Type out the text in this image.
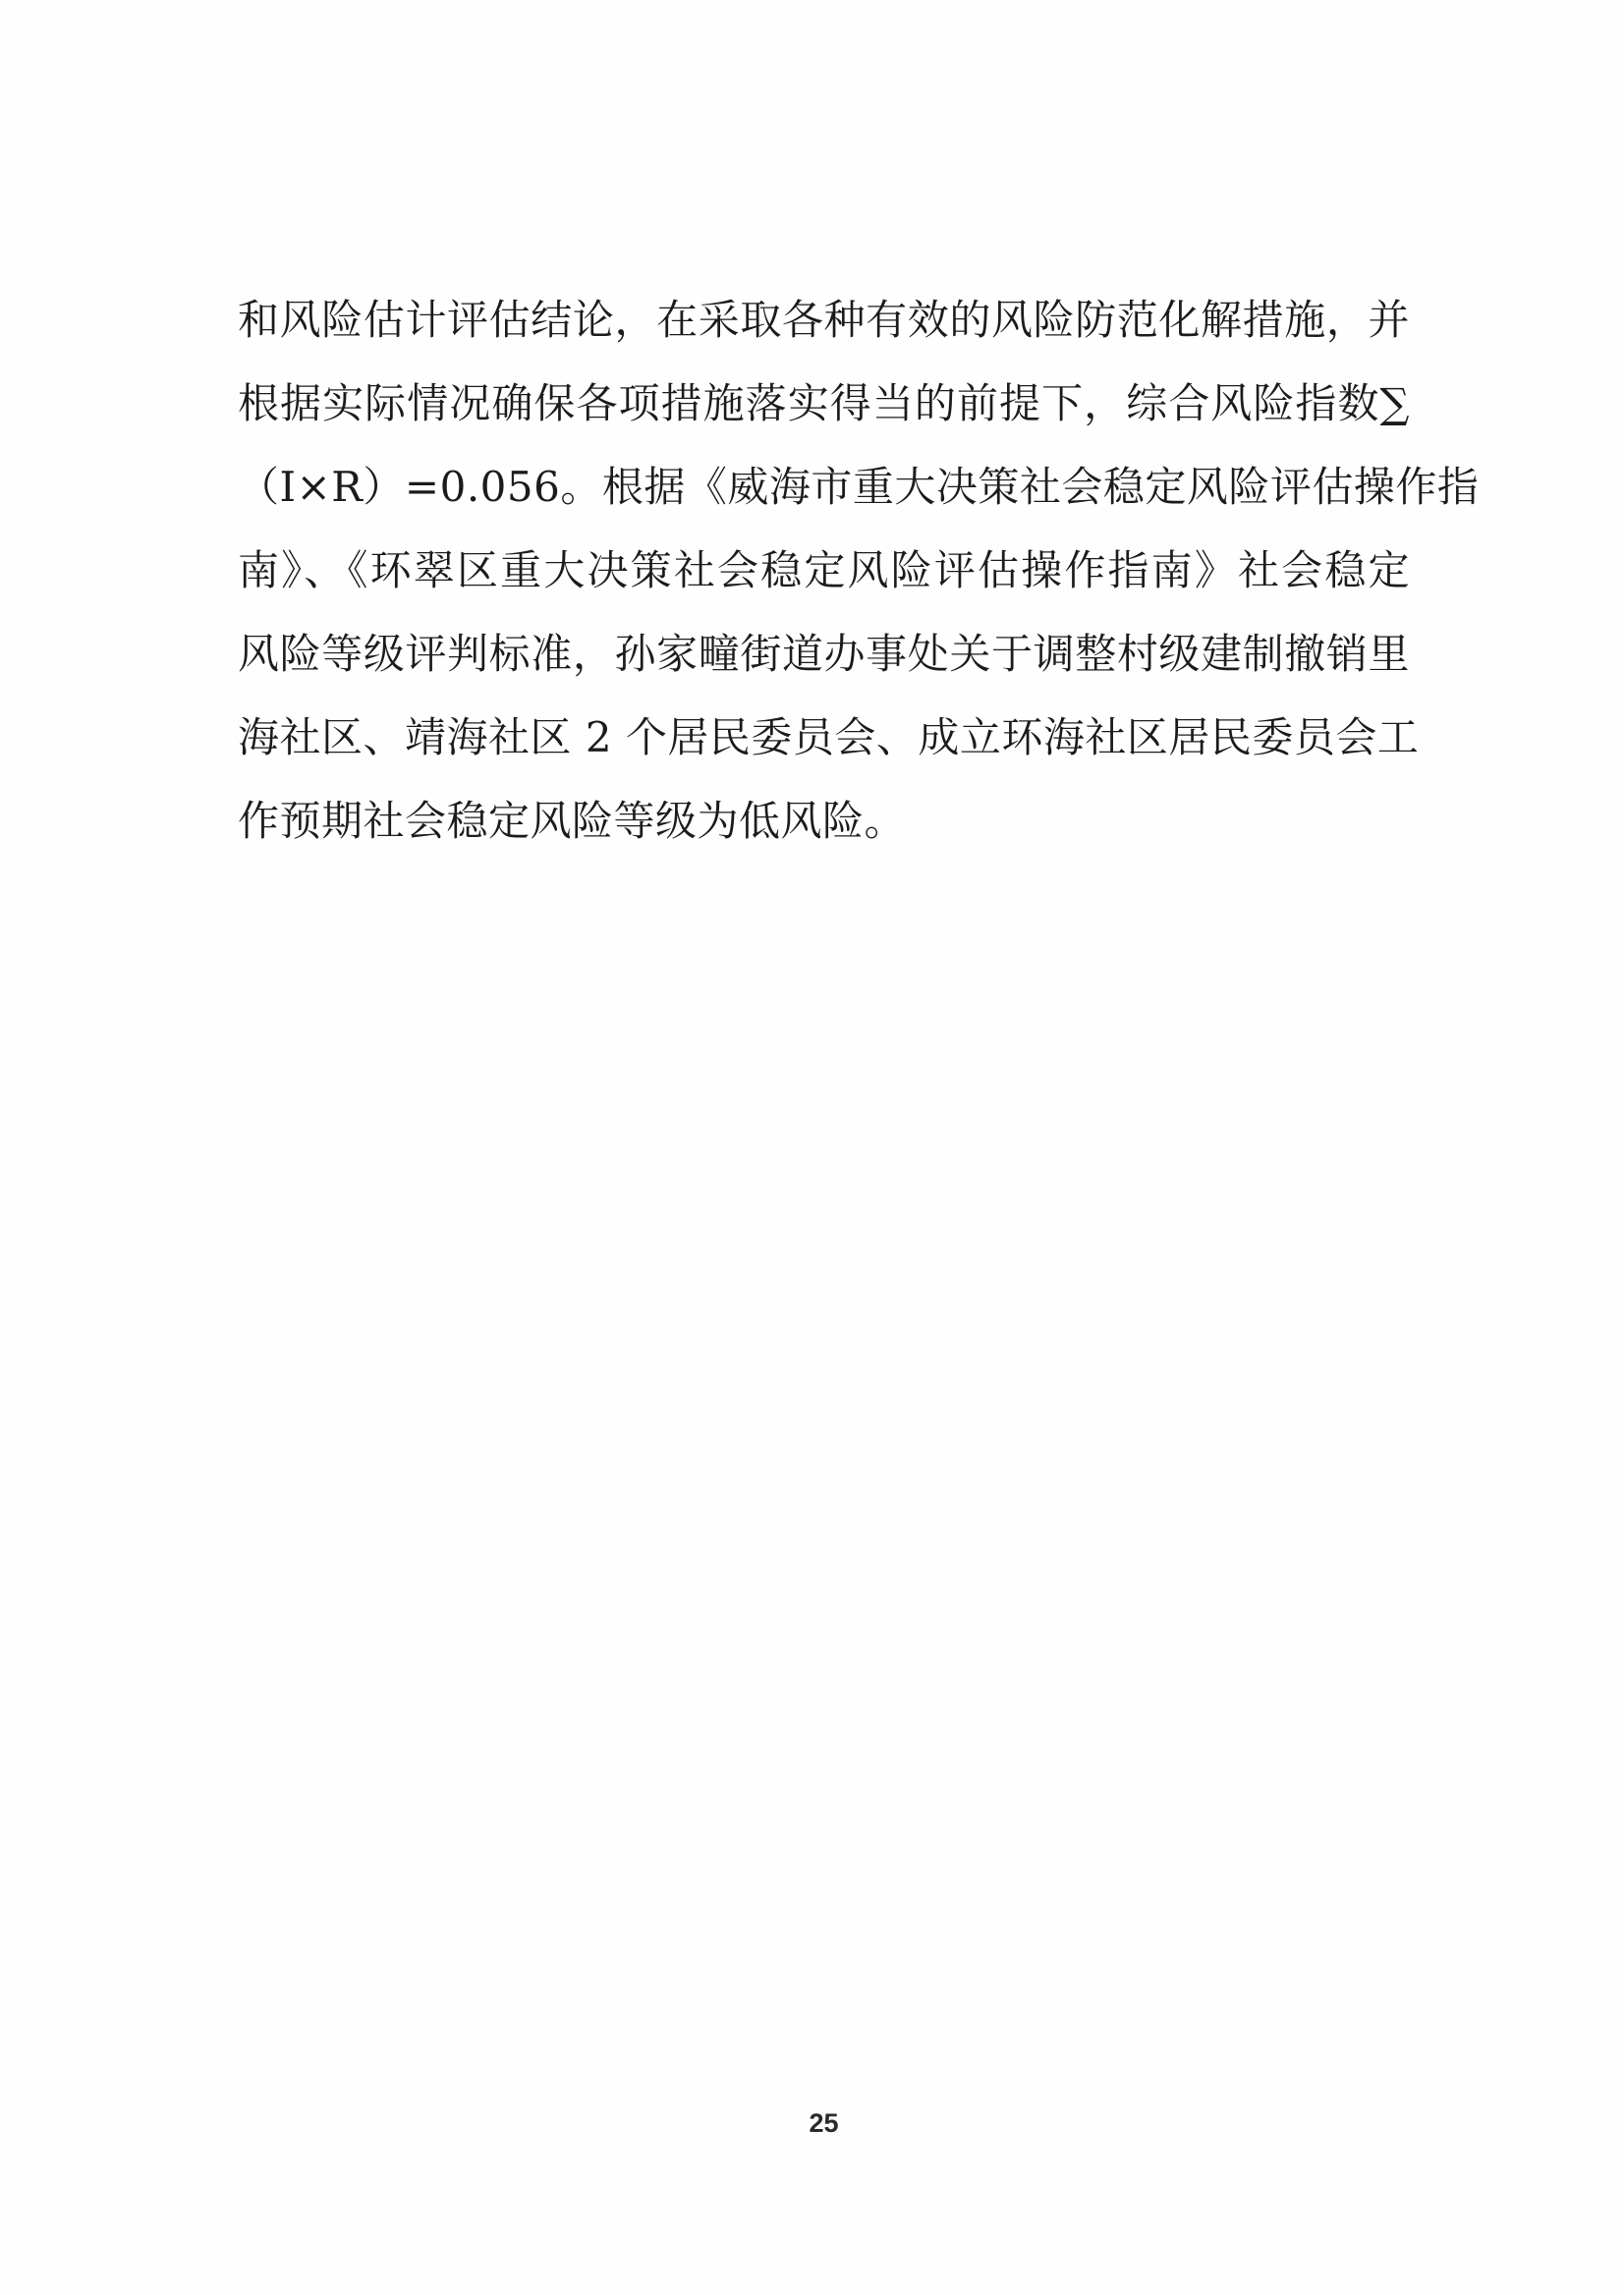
和风险估计评估结论，在采取各种有效的风险防范化解措施，并

根据实际情况确保各项措施落实得当的前提下，综合风险指数∑

（I×R）=0.056。根据《威海市重大决策社会稳定风险评估操作指

南》、《环翠区重大决策社会稳定风险评估操作指南》社会稳定

风险等级评判标准，孙家疃街道办事处关于调整村级建制撤销里

海社区、靖海社区 2 个居民委员会、成立环海社区居民委员会工

作预期社会稳定风险等级为低风险。

25
